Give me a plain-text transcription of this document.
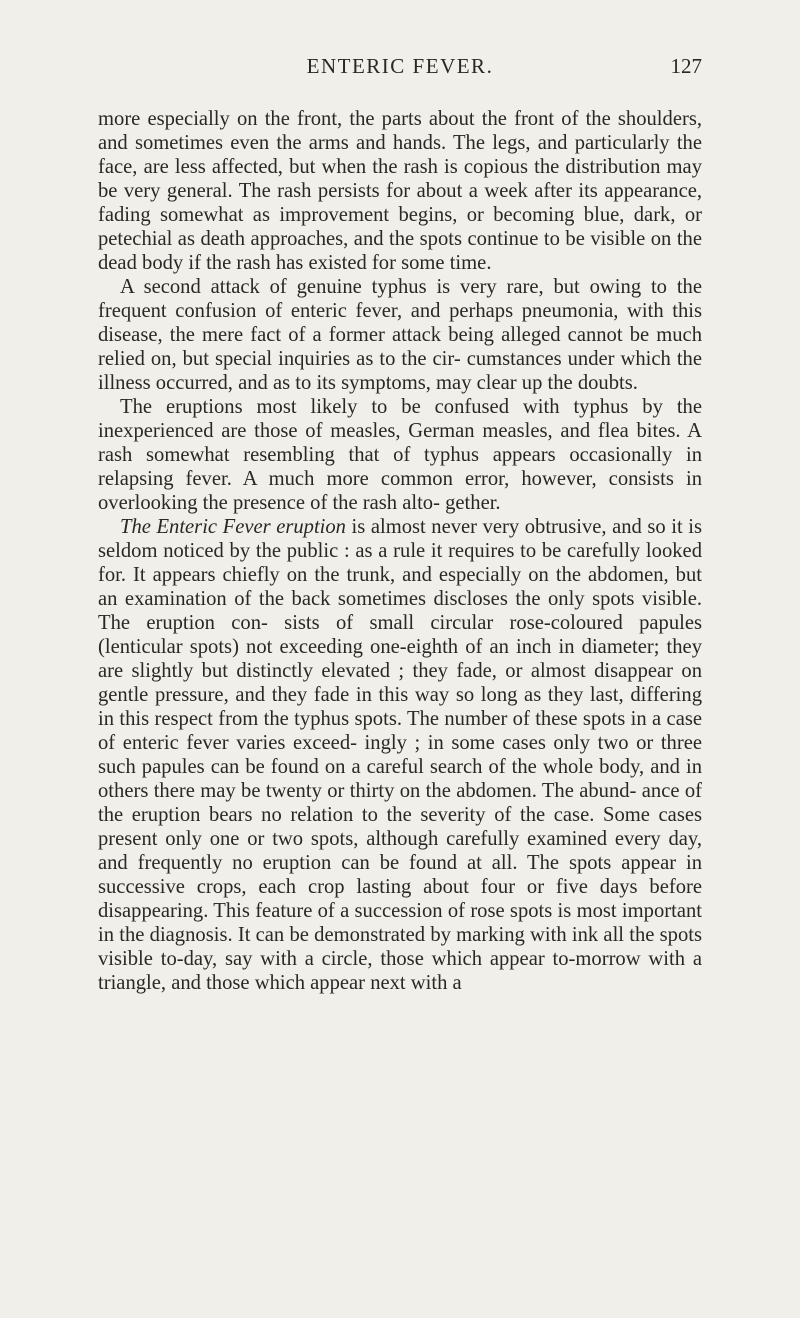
ENTERIC FEVER.	127

more especially on the front, the parts about the front of the shoulders, and sometimes even the arms and hands. The legs, and particularly the face, are less affected, but when the rash is copious the distribution may be very general. The rash persists for about a week after its appearance, fading somewhat as improvement begins, or becoming blue, dark, or petechial as death approaches, and the spots continue to be visible on the dead body if the rash has existed for some time.

A second attack of genuine typhus is very rare, but owing to the frequent confusion of enteric fever, and perhaps pneumonia, with this disease, the mere fact of a former attack being alleged cannot be much relied on, but special inquiries as to the cir- cumstances under which the illness occurred, and as to its symptoms, may clear up the doubts.

The eruptions most likely to be confused with typhus by the inexperienced are those of measles, German measles, and flea bites. A rash somewhat resembling that of typhus appears occasionally in relapsing fever. A much more common error, however, consists in overlooking the presence of the rash alto- gether.

The Enteric Fever eruption is almost never very obtrusive, and so it is seldom noticed by the public : as a rule it requires to be carefully looked for. It appears chiefly on the trunk, and especially on the abdomen, but an examination of the back sometimes discloses the only spots visible. The eruption con- sists of small circular rose-coloured papules (lenticular spots) not exceeding one-eighth of an inch in diameter; they are slightly but distinctly elevated ; they fade, or almost disappear on gentle pressure, and they fade in this way so long as they last, differing in this respect from the typhus spots. The number of these spots in a case of enteric fever varies exceed- ingly ; in some cases only two or three such papules can be found on a careful search of the whole body, and in others there may be twenty or thirty on the abdomen. The abund- ance of the eruption bears no relation to the severity of the case. Some cases present only one or two spots, although carefully examined every day, and frequently no eruption can be found at all. The spots appear in successive crops, each crop lasting about four or five days before disappearing. This feature of a succession of rose spots is most important in the diagnosis. It can be demonstrated by marking with ink all the spots visible to-day, say with a circle, those which appear to-morrow with a triangle, and those which appear next with a
